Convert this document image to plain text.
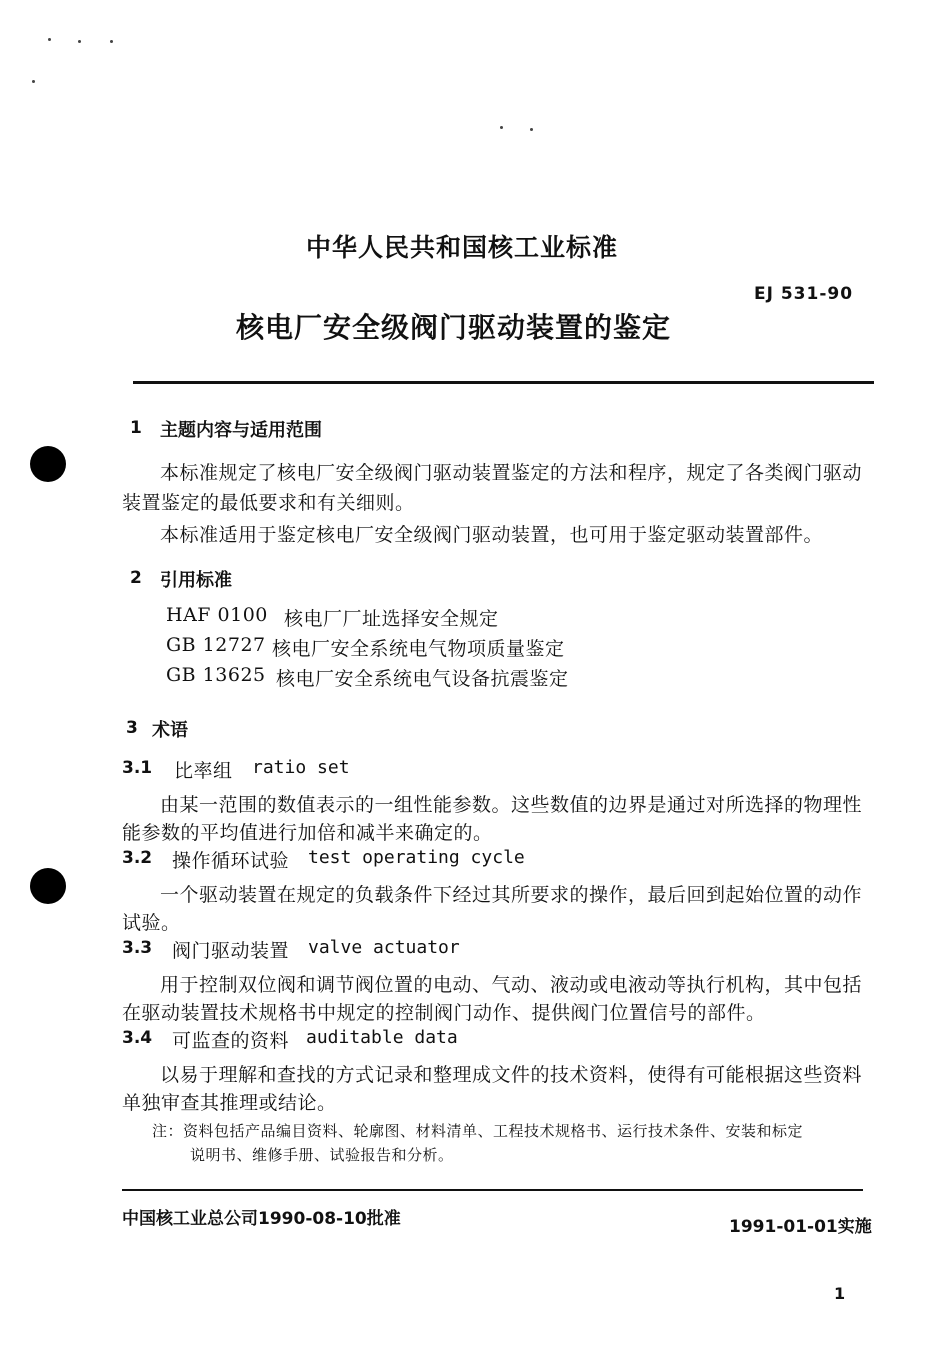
中华人民共和国核工业标准
EJ 531-90
核电厂安全级阀门驱动装置的鉴定
1 主题内容与适用范围
本标准规定了核电厂安全级阀门驱动装置鉴定的方法和程序，规定了各类阀门驱动
装置鉴定的最低要求和有关细则。
本标准适用于鉴定核电厂安全级阀门驱动装置，也可用于鉴定驱动装置部件。
2 引用标准
HAF 0100 核电厂厂址选择安全规定
GB 12727 核电厂安全系统电气物项质量鉴定
GB 13625 核电厂安全系统电气设备抗震鉴定
3 术语
3.1 比率组 ratio set
由某一范围的数值表示的一组性能参数。这些数值的边界是通过对所选择的物理性
能参数的平均值进行加倍和减半来确定的。
3.2 操作循环试验 test operating cycle
一个驱动装置在规定的负载条件下经过其所要求的操作，最后回到起始位置的动作
试验。
3.3 阀门驱动装置 valve actuator
用于控制双位阀和调节阀位置的电动、气动、液动或电液动等执行机构，其中包括
在驱动装置技术规格书中规定的控制阀门动作、提供阀门位置信号的部件。
3.4 可监查的资料 auditable data
以易于理解和查找的方式记录和整理成文件的技术资料，使得有可能根据这些资料
单独审查其推理或结论。
注：资料包括产品编目资料、轮廓图、材料清单、工程技术规格书、运行技术条件、安装和标定
说明书、维修手册、试验报告和分析。
中国核工业总公司1990-08-10批准	1991-01-01实施
1
